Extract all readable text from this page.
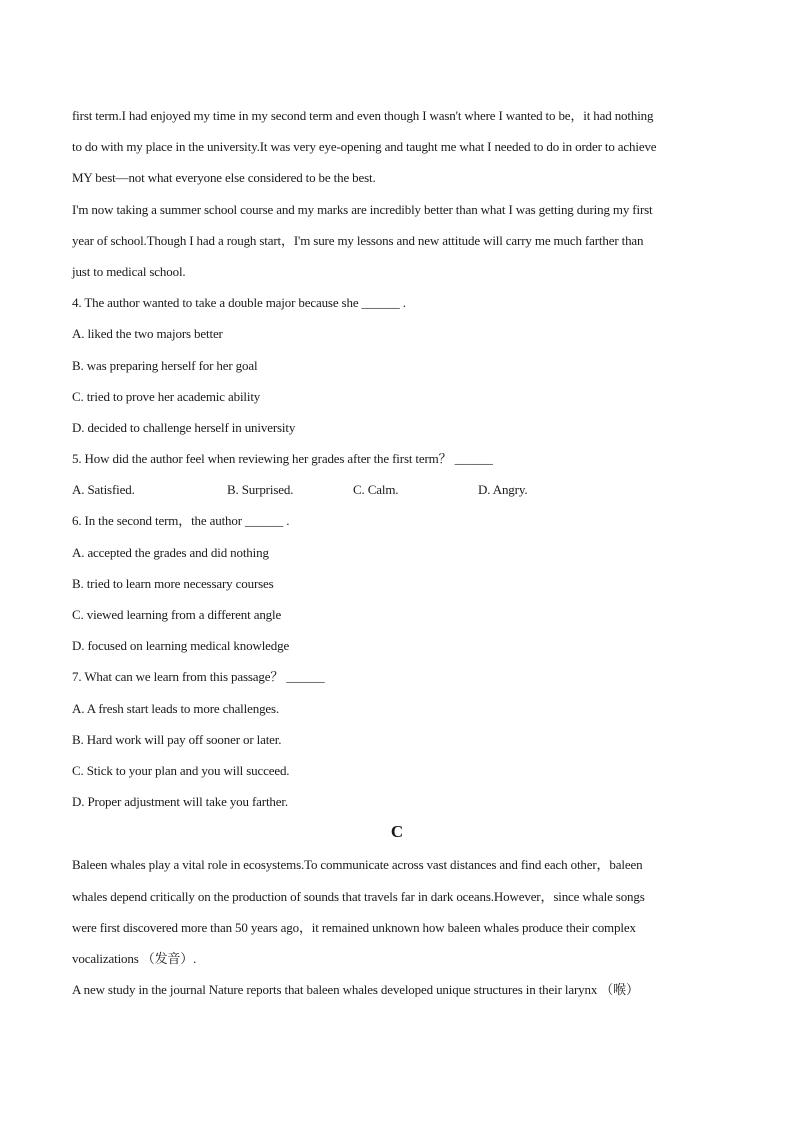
first term.I had enjoyed my time in my second term and even though I wasn't where I wanted to be，it had nothing
to do with my place in the university.It was very eye-opening and taught me what I needed to do in order to achieve
MY best—not what everyone else considered to be the best.
I'm now taking a summer school course and my marks are incredibly better than what I was getting during my first
year of school.Though I had a rough start，I'm sure my lessons and new attitude will carry me much farther than
just to medical school.
4. The author wanted to take a double major because she ______ .
A. liked the two majors better
B. was preparing herself for her goal
C. tried to prove her academic ability
D. decided to challenge herself in university
5. How did the author feel when reviewing her grades after the first term？ ______
A. Satisfied.	B. Surprised.	C. Calm.	D. Angry.
6. In the second term，the author ______ .
A. accepted the grades and did nothing
B. tried to learn more necessary courses
C. viewed learning from a different angle
D. focused on learning medical knowledge
7. What can we learn from this passage？ ______
A. A fresh start leads to more challenges.
B. Hard work will pay off sooner or later.
C. Stick to your plan and you will succeed.
D. Proper adjustment will take you farther.
C
Baleen whales play a vital role in ecosystems.To communicate across vast distances and find each other，baleen
whales depend critically on the production of sounds that travels far in dark oceans.However，since whale songs
were first discovered more than 50 years ago，it remained unknown how baleen whales produce their complex
vocalizations （发音）.
A new study in the journal Nature reports that baleen whales developed unique structures in their larynx （喉）
